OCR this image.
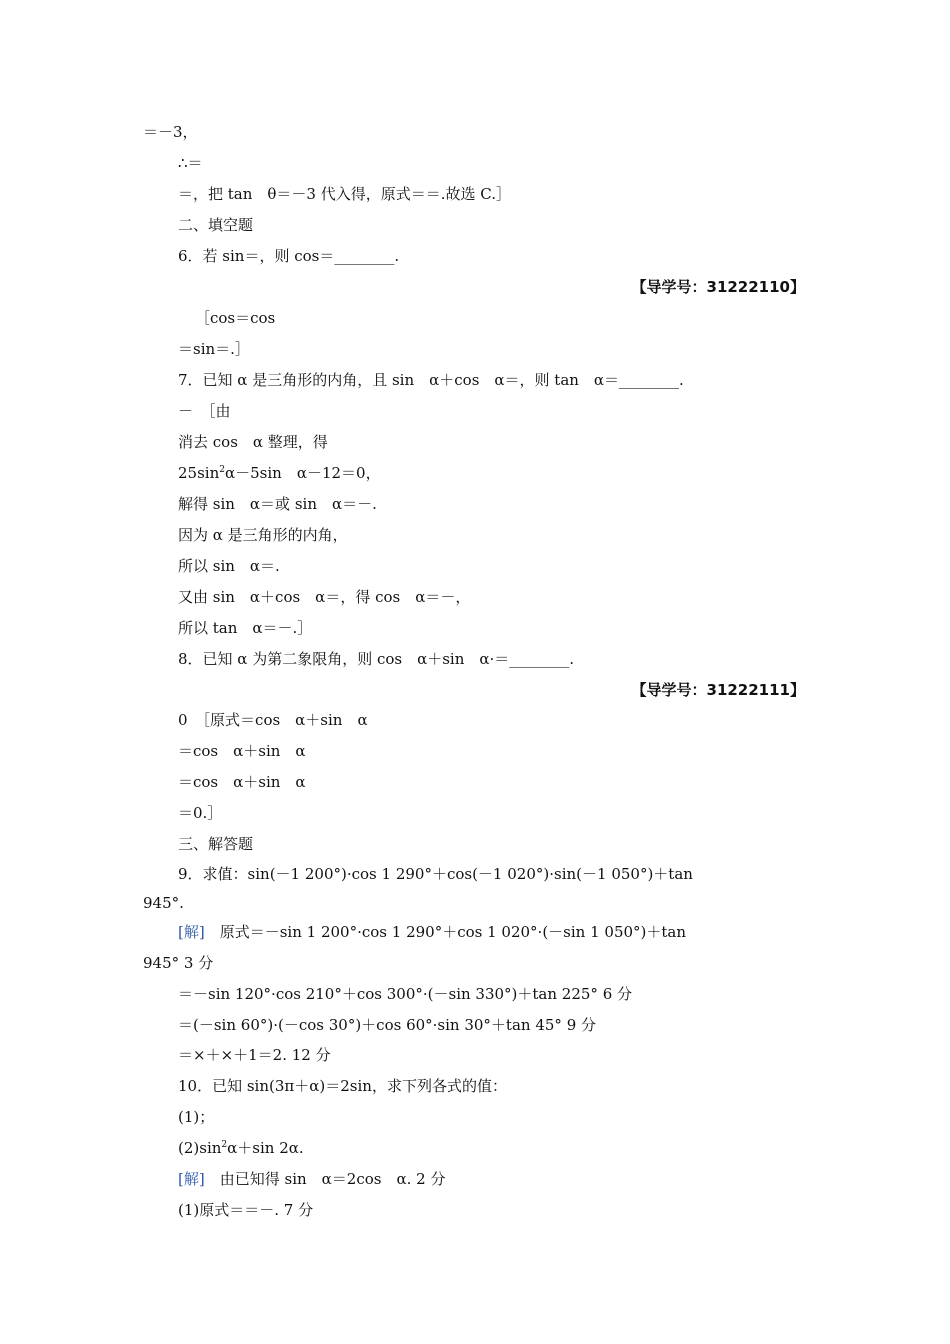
＝－3，
∴＝
＝，把 tan　θ＝－3 代入得，原式＝＝.故选 C.］
二、填空题
6．若 sin＝，则 cos＝________.
【导学号：31222110】
［cos＝cos
＝sin＝.］
7．已知 α 是三角形的内角，且 sin　α＋cos　α＝，则 tan　α＝________.
－　［由
消去 cos　α 整理，得
$25\sin^2\alpha-5\sin$　α－12＝0，
解得 sin　α＝或 sin　α＝－.
因为 α 是三角形的内角，
所以 sin　α＝.
又由 sin　α＋cos　α＝，得 cos　α＝－，
所以 tan　α＝－.］
8．已知 α 为第二象限角，则 cos　α＋sin　α·＝________.
【导学号：31222111】
0　［原式＝cos　α＋sin　α
＝cos　α＋sin　α
＝cos　α＋sin　α
＝0.］
三、解答题
9．求值：sin(－1 200°)·cos 1 290°＋cos(－1 020°)·sin(－1 050°)＋tan
945°.
[解]　 原式＝－sin 1 200°·cos 1 290°＋cos 1 020°·(－sin 1 050°)＋tan
945° 3 分
＝－sin 120°·cos 210°＋cos 300°·(－sin 330°)＋tan 225° 6 分
＝(－sin 60°)·(－cos 30°)＋cos 60°·sin 30°＋tan 45° 9 分
＝×＋×＋1＝2. 12 分
10．已知 sin(3π＋α)＝2sin，求下列各式的值：
(1)；
$(2)\sin^2\alpha+\sin$ 2α.
[解]　 由已知得 sin　α＝2cos　α. 2 分
(1)原式＝＝－. 7 分
